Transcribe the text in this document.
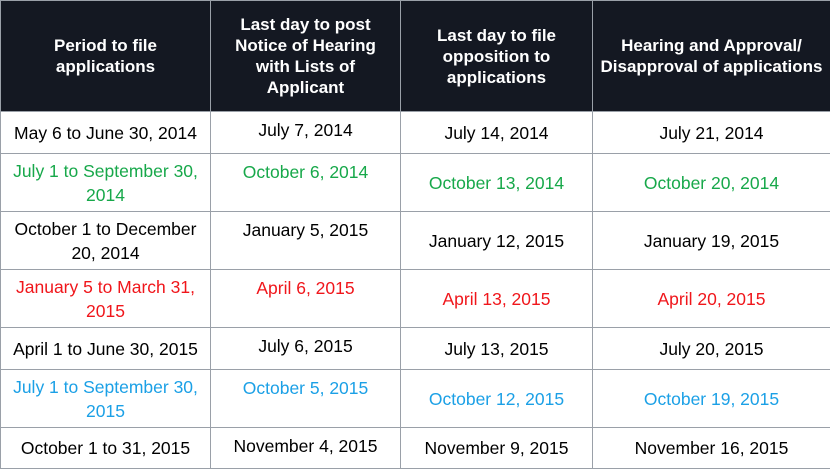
Period to file applications	Last day to post Notice of Hearing with Lists of Applicant	Last day to file opposition to applications	Hearing and Approval/ Disapproval of applications
May 6 to June 30, 2014	July 7, 2014	July 14, 2014	July 21, 2014
July 1 to September 30, 2014	October 6, 2014	October 13, 2014	October 20, 2014
October 1 to December 20, 2014	January 5, 2015	January 12, 2015	January 19, 2015
January 5 to March 31, 2015	April 6, 2015	April 13, 2015	April 20, 2015
April 1 to June 30, 2015	July 6, 2015	July 13, 2015	July 20, 2015
July 1 to September 30, 2015	October 5, 2015	October 12, 2015	October 19, 2015
October 1 to 31, 2015	November 4, 2015	November 9, 2015	November 16, 2015
